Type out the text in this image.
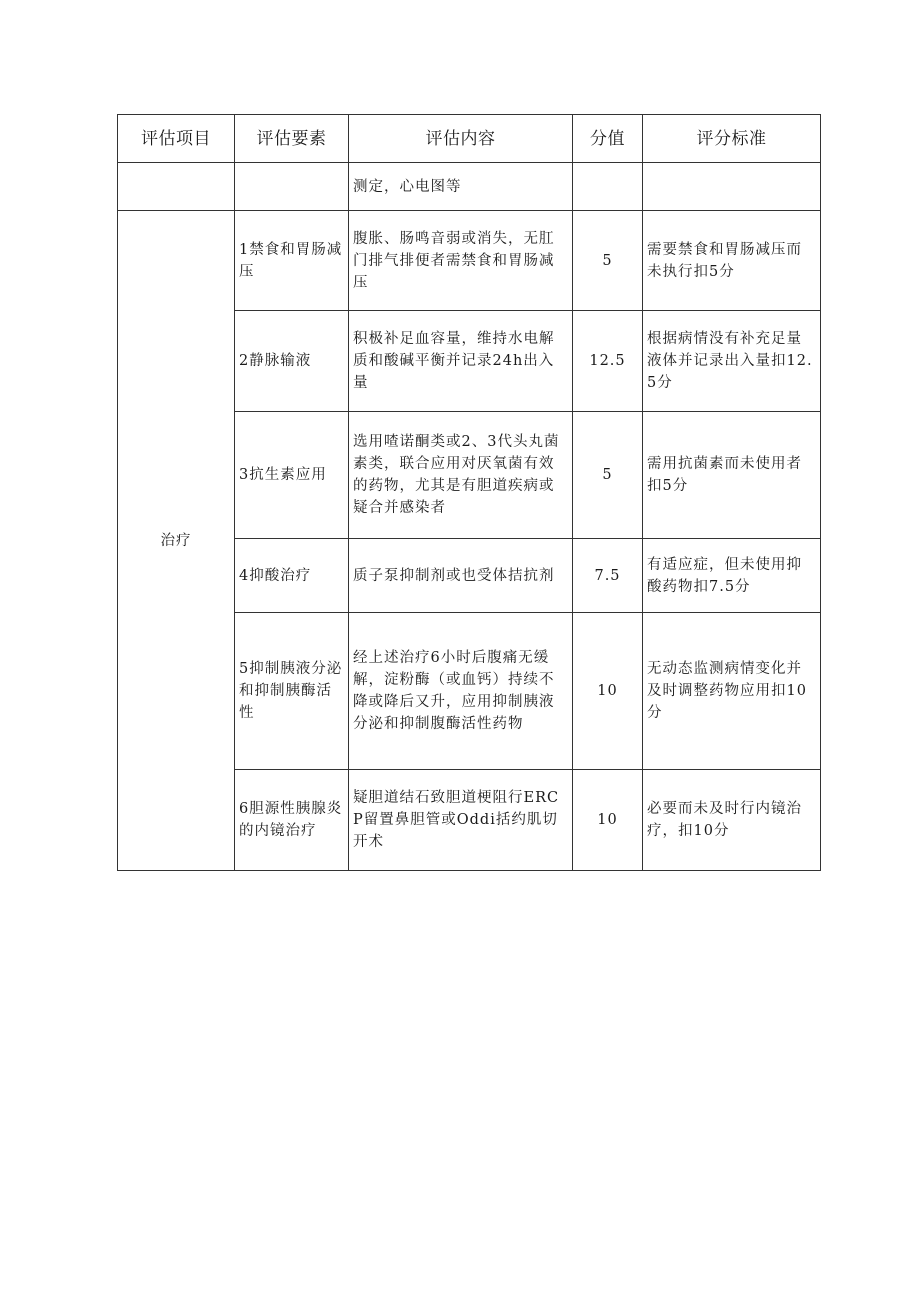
评估项目	评估要素	评估内容	分值	评分标准
		测定，心电图等		
治疗	1禁食和胃肠减压	腹胀、肠鸣音弱或消失，无肛门排气排便者需禁食和胃肠减压	5	需要禁食和胃肠减压而未执行扣5分
	2静脉输液	积极补足血容量，维持水电解质和酸碱平衡并记录24h出入量	12.5	根据病情没有补充足量液体并记录出入量扣12.5分
	3抗生素应用	选用喳诺酮类或2、3代头丸菌素类，联合应用对厌氧菌有效的药物，尤其是有胆道疾病或疑合并感染者	5	需用抗菌素而未使用者扣5分
	4抑酸治疗	质子泵抑制剂或也受体拮抗剂	7.5	有适应症，但未使用抑酸药物扣7.5分
	5抑制胰液分泌和抑制胰酶活性	经上述治疗6小时后腹痛无缓解，淀粉酶（或血钙）持续不降或降后又升，应用抑制胰液分泌和抑制腹酶活性药物	10	无动态监测病情变化并及时调整药物应用扣10分
	6胆源性胰腺炎的内镜治疗	疑胆道结石致胆道梗阻行ERCP留置鼻胆管或Oddi括约肌切开术	10	必要而未及时行内镜治疗，扣10分
